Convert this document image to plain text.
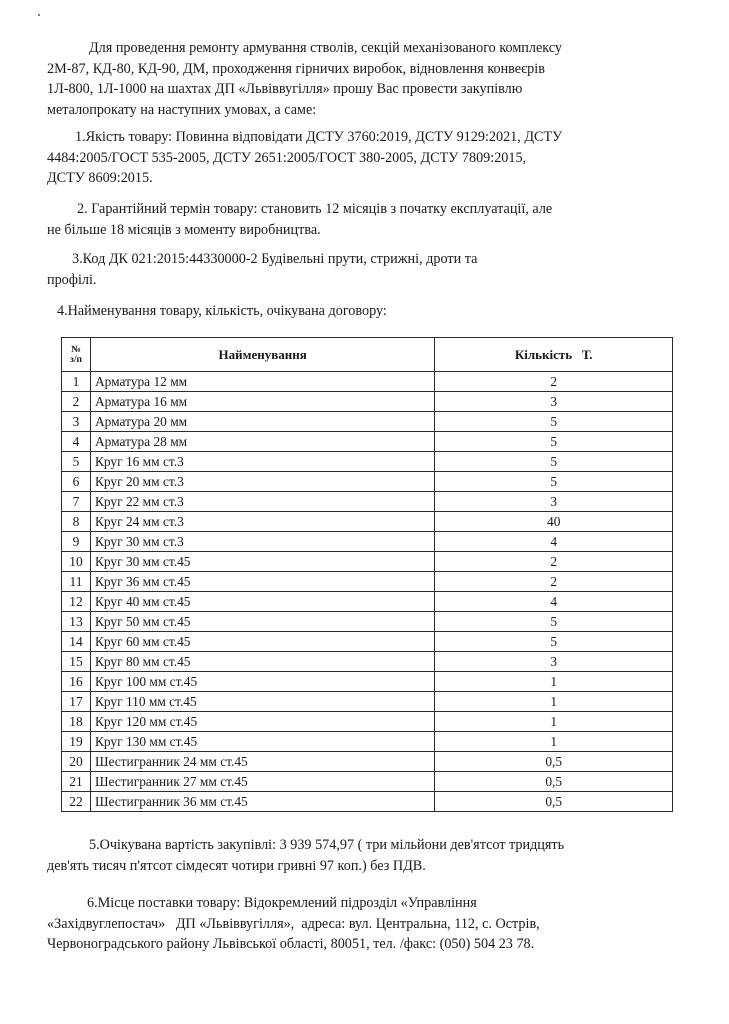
Для проведення ремонту армування стволів, секцій механізованого комплексу
2М-87, КД-80, КД-90, ДМ, проходження гірничих виробок, відновлення конвеєрів
1Л-800, 1Л-1000 на шахтах ДП «Львіввугілля» прошу Вас провести закупівлю
металопрокату на наступних умовах, а саме:
1.Якість товару: Повинна відповідати ДСТУ 3760:2019, ДСТУ 9129:2021, ДСТУ
4484:2005/ГОСТ 535-2005, ДСТУ 2651:2005/ГОСТ 380-2005, ДСТУ 7809:2015,
ДСТУ 8609:2015.
2. Гарантійний термін товару: становить 12 місяців з початку експлуатації, але
не більше 18 місяців з моменту виробництва.
3.Код ДК 021:2015:44330000-2 Будівельні прути, стрижні, дроти та
профілі.
4.Найменування товару, кількість, очікувана договору:
№
з/п	Найменування	Кількість   Т.
1	Арматура 12 мм	2
2	Арматура 16 мм	3
3	Арматура 20 мм	5
4	Арматура 28 мм	5
5	Круг 16 мм ст.3	5
6	Круг 20 мм ст.3	5
7	Круг 22 мм ст.3	3
8	Круг 24 мм ст.3	40
9	Круг 30 мм ст.3	4
10	Круг 30 мм ст.45	2
11	Круг 36 мм ст.45	2
12	Круг 40 мм ст.45	4
13	Круг 50 мм ст.45	5
14	Круг 60 мм ст.45	5
15	Круг 80 мм ст.45	3
16	Круг 100 мм ст.45	1
17	Круг 110 мм ст.45	1
18	Круг 120 мм ст.45	1
19	Круг 130 мм ст.45	1
20	Шестигранник 24 мм ст.45	0,5
21	Шестигранник 27 мм ст.45	0,5
22	Шестигранник 36 мм ст.45	0,5
5.Очікувана вартість закупівлі: 3 939 574,97 ( три мільйони дев'ятсот тридцять
дев'ять тисяч п'ятсот сімдесят чотири гривні 97 коп.) без ПДВ.
6.Місце поставки товару: Відокремлений підрозділ «Управління
«Західвуглепостач»   ДП «Львіввугілля»,  адреса: вул. Центральна, 112, с. Острів,
Червоноградського району Львівської області, 80051, тел. /факс: (050) 504 23 78.
